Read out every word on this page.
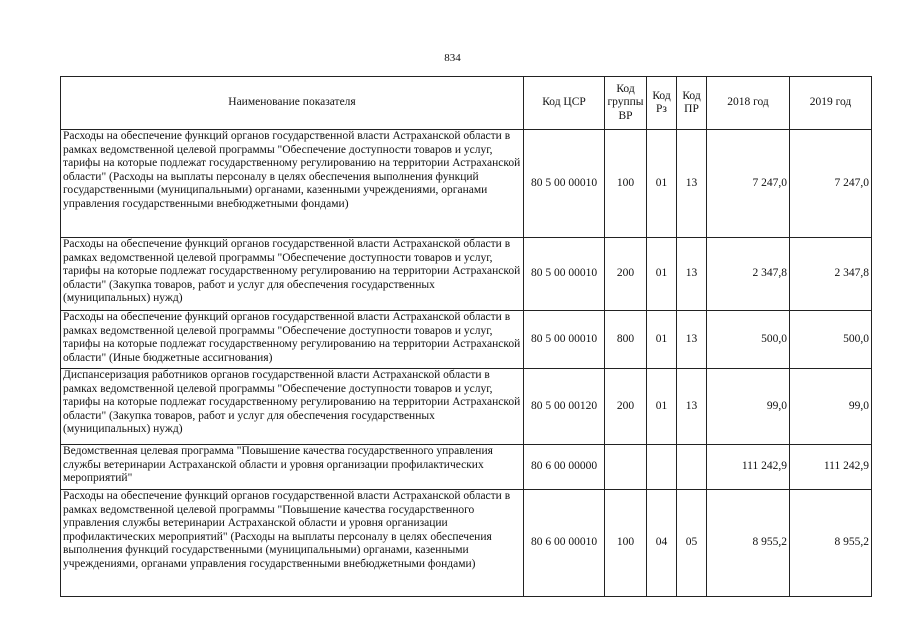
834
Наименование показателя	Код ЦСР	Код группы ВР	Код Рз	Код ПР	2018 год	2019 год
Расходы на обеспечение функций органов государственной власти Астраханской области в рамках ведомственной целевой программы "Обеспечение доступности товаров и услуг, тарифы на которые подлежат государственному регулированию на территории Астраханской области" (Расходы на выплаты персоналу в целях обеспечения выполнения функций государственными (муниципальными) органами, казенными учреждениями, органами управления государственными внебюджетными фондами)	80 5 00 00010	100	01	13	7 247,0	7 247,0
Расходы на обеспечение функций органов государственной власти Астраханской области в рамках ведомственной целевой программы "Обеспечение доступности товаров и услуг, тарифы на которые подлежат государственному регулированию на территории Астраханской области" (Закупка товаров, работ и услуг для обеспечения государственных (муниципальных) нужд)	80 5 00 00010	200	01	13	2 347,8	2 347,8
Расходы на обеспечение функций органов государственной власти Астраханской области в рамках ведомственной целевой программы "Обеспечение доступности товаров и услуг, тарифы на которые подлежат государственному регулированию на территории Астраханской области" (Иные бюджетные ассигнования)	80 5 00 00010	800	01	13	500,0	500,0
Диспансеризация работников органов государственной власти Астраханской области в рамках ведомственной целевой программы "Обеспечение доступности товаров и услуг, тарифы на которые подлежат государственному регулированию на территории Астраханской области" (Закупка товаров, работ и услуг для обеспечения государственных (муниципальных) нужд)	80 5 00 00120	200	01	13	99,0	99,0
Ведомственная целевая программа "Повышение качества государственного управления службы ветеринарии Астраханской области и уровня организации профилактических мероприятий"	80 6 00 00000				111 242,9	111 242,9
Расходы на обеспечение функций органов государственной власти Астраханской области в рамках ведомственной целевой программы "Повышение качества государственного управления службы ветеринарии Астраханской области и уровня организации профилактических мероприятий" (Расходы на выплаты персоналу в целях обеспечения выполнения функций государственными (муниципальными) органами, казенными учреждениями, органами управления государственными внебюджетными фондами)	80 6 00 00010	100	04	05	8 955,2	8 955,2
